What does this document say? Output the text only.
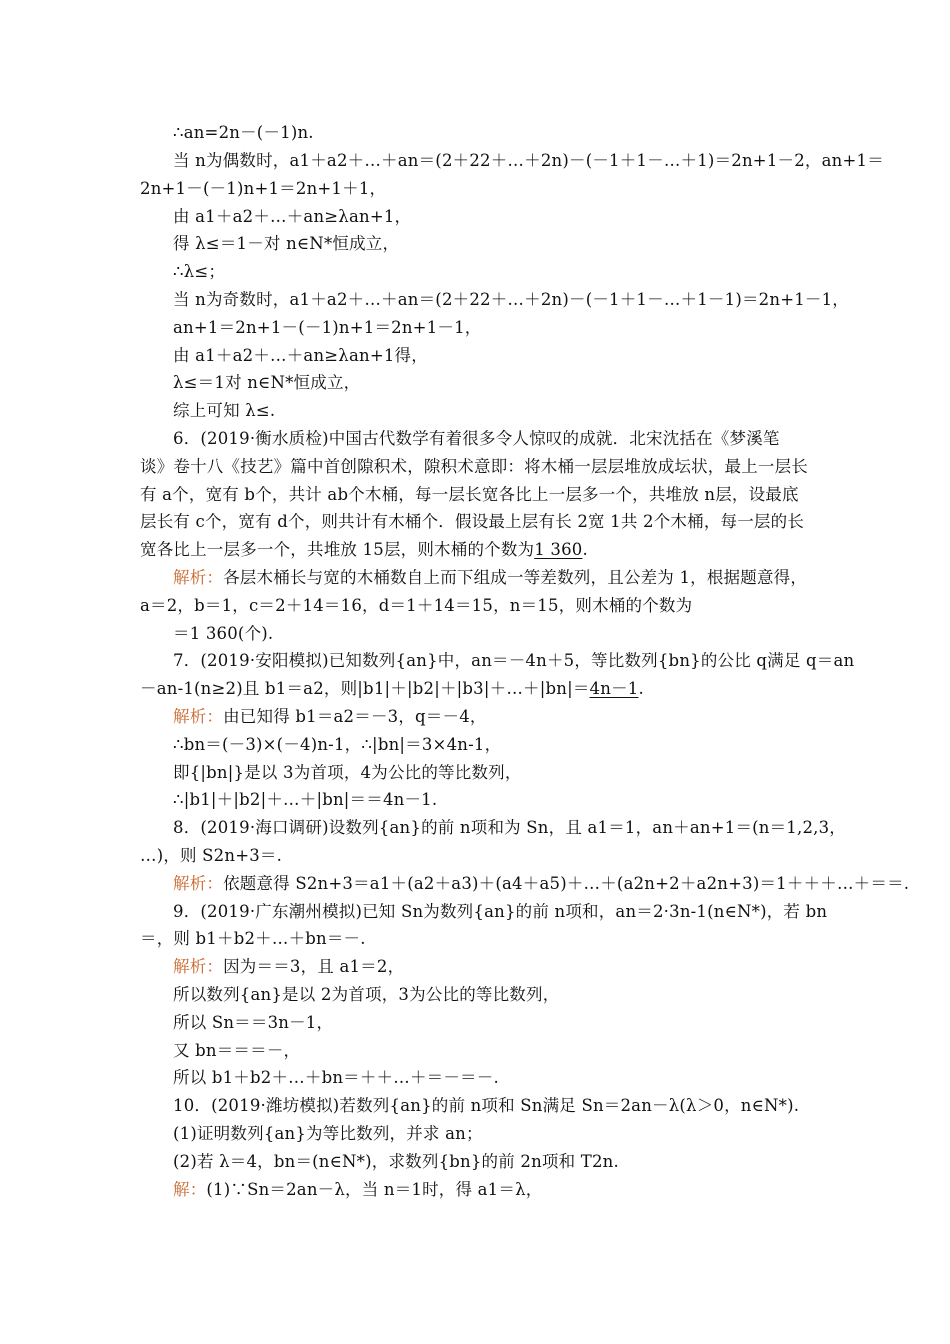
∴an=2n－(－1)n.
当 n为偶数时，a1＋a2＋…＋an＝(2＋22＋…＋2n)－(－1＋1－…＋1)＝2n+1－2，an+1＝
2n+1－(－1)n+1＝2n+1＋1，
由 a1＋a2＋…＋an≥λan+1，
得 λ≤＝1－对 n∈N*恒成立，
∴λ≤；
当 n为奇数时，a1＋a2＋…＋an＝(2＋22＋…＋2n)－(－1＋1－…＋1－1)＝2n+1－1，
an+1＝2n+1－(－1)n+1＝2n+1－1，
由 a1＋a2＋…＋an≥λan+1得，
λ≤＝1对 n∈N*恒成立，
综上可知 λ≤.
6．(2019·衡水质检)中国古代数学有着很多令人惊叹的成就．北宋沈括在《梦溪笔
谈》卷十八《技艺》篇中首创隙积术，隙积术意即：将木桶一层层堆放成坛状，最上一层长
有 a个，宽有 b个，共计 ab个木桶，每一层长宽各比上一层多一个，共堆放 n层，设最底
层长有 c个，宽有 d个，则共计有木桶个．假设最上层有长 2宽 1共 2个木桶，每一层的长
宽各比上一层多一个，共堆放 15层，则木桶的个数为1 360.
解析：各层木桶长与宽的木桶数自上而下组成一等差数列，且公差为 1，根据题意得，
a＝2，b＝1，c＝2＋14＝16，d＝1＋14＝15，n＝15，则木桶的个数为
＝1 360(个).
7．(2019·安阳模拟)已知数列{an}中，an＝－4n＋5，等比数列{bn}的公比 q满足 q＝an
－an-1(n≥2)且 b1＝a2，则|b1|＋|b2|＋|b3|＋…＋|bn|＝4n－1.
解析：由已知得 b1＝a2＝－3，q＝－4，
∴bn＝(－3)×(－4)n-1，∴|bn|＝3×4n-1，
即{|bn|}是以 3为首项，4为公比的等比数列，
∴|b1|＋|b2|＋…＋|bn|＝＝4n－1.
8．(2019·海口调研)设数列{an}的前 n项和为 Sn，且 a1＝1，an＋an+1＝(n＝1,2,3，
…)，则 S2n+3＝.
解析：依题意得 S2n+3＝a1＋(a2＋a3)＋(a4＋a5)＋…＋(a2n+2＋a2n+3)＝1＋＋＋…＋＝＝.
9．(2019·广东潮州模拟)已知 Sn为数列{an}的前 n项和，an＝2·3n-1(n∈N*)，若 bn
＝，则 b1＋b2＋…＋bn＝－.
解析：因为＝＝3，且 a1＝2，
所以数列{an}是以 2为首项，3为公比的等比数列，
所以 Sn＝＝3n－1，
又 bn＝＝＝－，
所以 b1＋b2＋…＋bn＝＋＋…＋＝－＝－.
10．(2019·潍坊模拟)若数列{an}的前 n项和 Sn满足 Sn＝2an－λ(λ＞0，n∈N*).
(1)证明数列{an}为等比数列，并求 an；
(2)若 λ＝4，bn＝(n∈N*)，求数列{bn}的前 2n项和 T2n.
解：(1)∵Sn＝2an－λ，当 n＝1时，得 a1＝λ，
